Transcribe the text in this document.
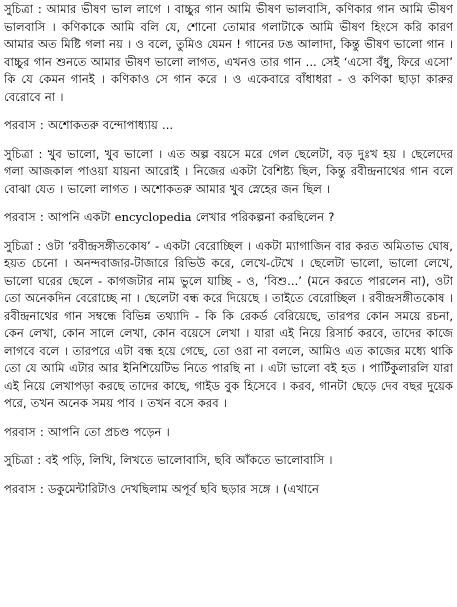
সুচিত্রা : আমার ভীষণ ভাল লাগে । বাচ্চুর গান আমি ভীষণ ভালবাসি, কণিকার গান আমি ভীষণ ভালবাসি । কণিকাকে আমি বলি যে, শোনো তোমার গলাটাকে আমি ভীষণ হিংসে করি কারণ আমার অত মিষ্টি গলা নয় । ও বলে, তুমিও যেমন ! গানের ঢঙ আলাদা, কিন্তু ভীষণ ভালো গান । বাচ্চুর গান শুনতে আমার ভীষণ ভালো লাগত, এখনও তার গান ... সেই ‘এসো বঁধু, ফিরে এসো’ কি যে কেমন গানই । কণিকাও সে গান করে । ও একেবারে বাঁধাধরা - ও কণিকা ছাড়া কারুর বেরোবে না ।

পরবাস : অশোকতরু বন্দোপাধ্যায় ...

সুচিত্রা : খুব ভালো, খুব ভালো । এত অল্প বয়সে মরে গেল ছেলেটা, বড় দুঃখ হয় । ছেলেদের গলা আজকাল পাওয়া যায়না আরোই । নিজের একটা বৈশিষ্ট্য ছিল, কিন্তু রবীন্দ্রনাথের গান বলে বোঝা যেত । ভালো লাগত । অশোকতরু আমার খুব স্নেহের জন ছিল ।

পরবাস : আপনি একটা encyclopedia লেখার পরিকল্পনা করছিলেন ?

সুচিত্রা : ওটা ‘রবীন্দ্রসঙ্গীতকোষ’ - একটা বেরোচ্ছিল । একটা ম্যাগাজিন বার করত অমিতাভ ঘোষ, হয়ত চেনো । অনন্দবাজার-টাজারে রিভিউ করে, লেখে-টেখে । ছেলেটা ভালো, ভালো লেখে, ভালো ঘরের ছেলে - কাগজটার নাম ভুলে যাচ্ছি - ও, ‘বিশু...’ (মনে করতে পারলেন না), ওটা তো অনেকদিন বেরোচ্ছে না । ছেলেটা বন্ধ করে দিয়েছে । তাইতে বেরোচ্ছিল । রবীন্দ্রসঙ্গীতকোষ । রবীন্দ্রনাথের গান সম্বন্ধে বিভিন্ন তথ্যাদি - কি কি রেকর্ড বেরিয়েছে, তারপর কোন সময়ে রচনা, কেন লেখা, কোন সালে লেখা, কোন বয়েসে লেখা । যারা এই নিয়ে রিসার্চ করবে, তাদের কাজে লাগবে বলে । তারপরে এটা বন্ধ হয়ে গেছে, তো ওরা না বললে, আমিও এত কাজের মধ্যে থাকি তো যে আমি এটার আর ইনিশিয়েটিভ নিতে পারছি না । এটা ভালো বই হত । পার্টিকুলারলি যারা এই নিয়ে লেখাপড়া করছে তাদের কাছে, গাইড বুক হিসেবে । করব, গানটা ছেড়ে দেব বছর দুয়েক পরে, তখন অনেক সময় পাব । তখন বসে করব ।

পরবাস : আপনি তো প্রচণ্ড পড়েন ।

সুচিত্রা : বই পড়ি, লিখি, লিখতে ভালোবাসি, ছবি আঁকতে ভালোবাসি ।

পরবাস : ডকুমেন্টারিটাও দেখছিলাম অপূর্ব ছবি ছড়ার সঙ্গে । (এখানে
